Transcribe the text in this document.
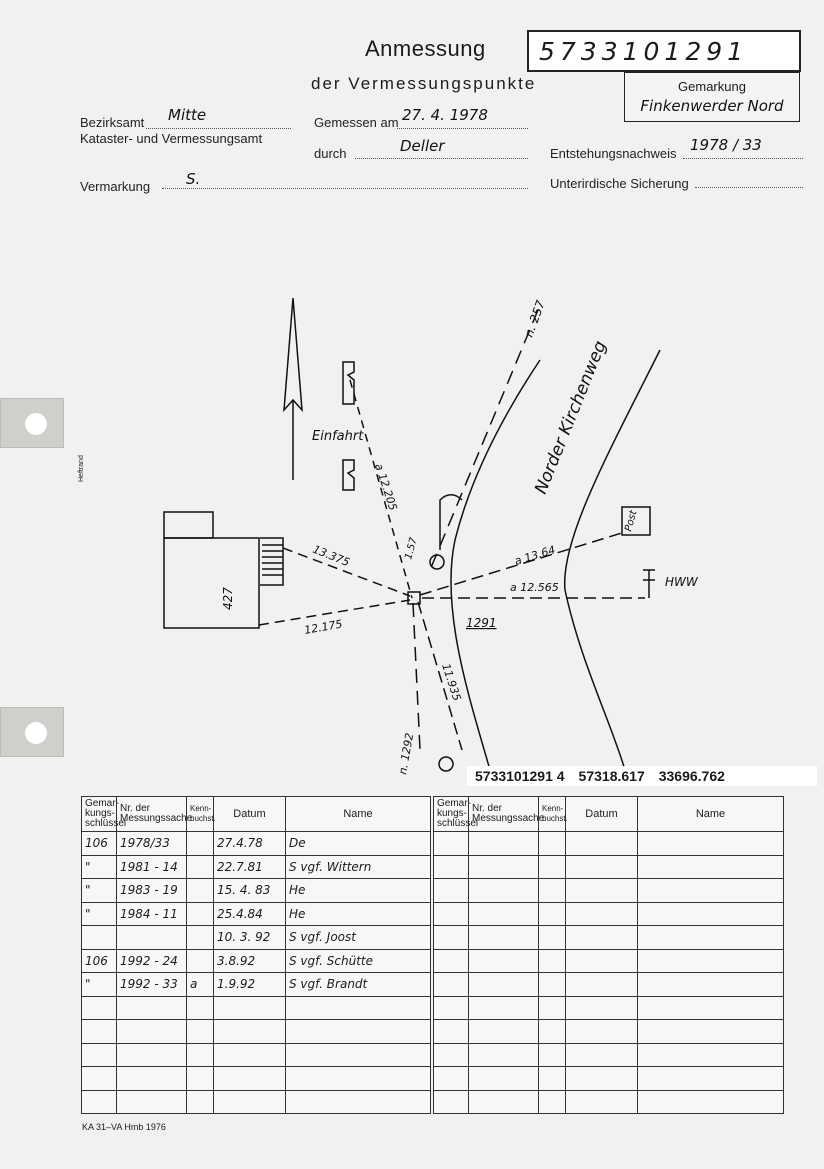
Anmessung
der Vermessungspunkte
5733101291
Gemarkung
Finkenwerder Nord
Bezirksamt Mitte
Kataster- und Vermessungsamt
Gemessen am 27. 4. 1978
durch	Deller	Entstehungsnachweis 1978 / 33
Vermarkung S.	Unterirdische Sicherung
Heftrand
n. 257
Norder Kirchenweg
Einfahrt
Post
HWW
1291
427
a 12.205
13.375
12.175
1.57	a 13.64
a 12.565
11.935
n. 1292
5733101291 4 57318.617 33696.762
Gemar-kungs-schlüssel	Nr. der Messungssache	Kenn-buchst.	Datum	Name
106	1978/33		27.4.78	De
"	1981 - 14		22.7.81	S vgf. Wittern
"	1983 - 19		15. 4. 83	He
"	1984 - 11		25.4.84	He
			10. 3. 92	S vgf. Joost
106	1992 - 24		3.8.92	S vgf. Schütte
"	1992 - 33	a	1.9.92	S vgf. Brandt

Gemar-kungs-schlüssel	Nr. der Messungssache	Kenn-buchst.	Datum	Name

KA 31–VA Hmb 1976
